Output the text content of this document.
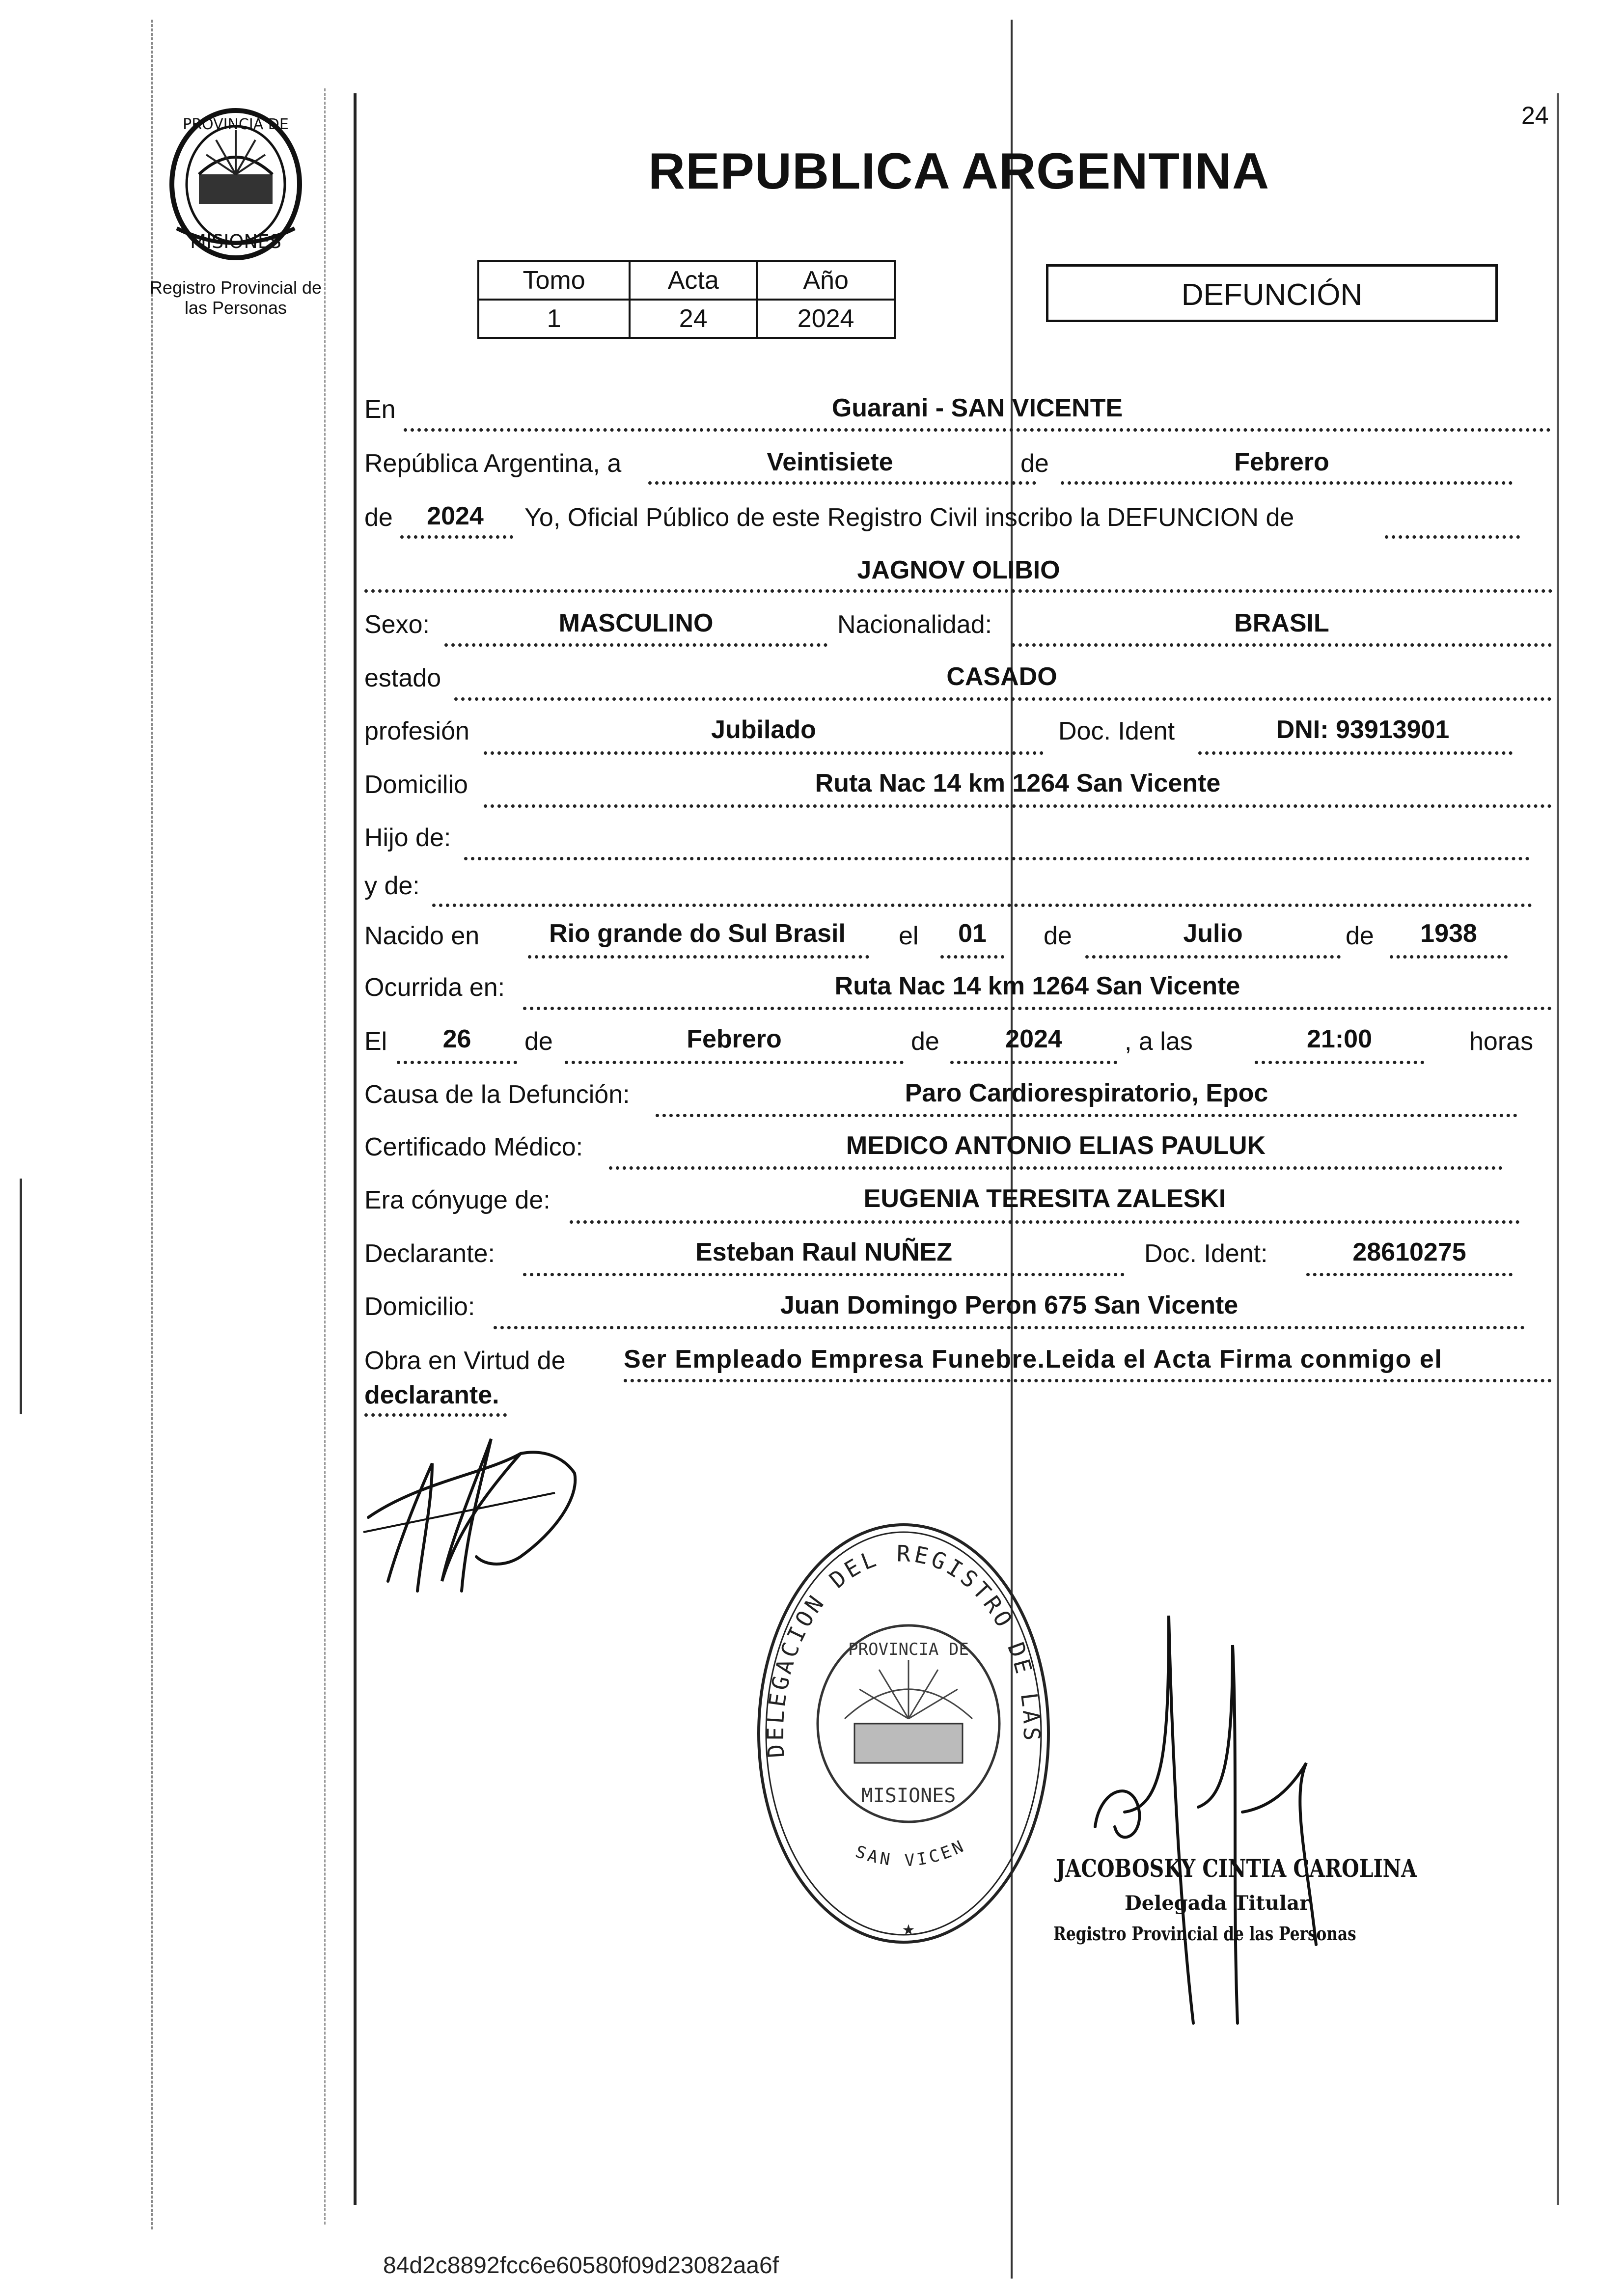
24
PROVINCIA DE
MISIONES
Registro Provincial de las Personas
REPUBLICA ARGENTINA
Tomo	Acta	Año
1	24	2024
DEFUNCIÓN
En	Guarani - SAN VICENTE
República Argentina, a	Veintisiete	de	Febrero
de	2024	Yo, Oficial Público de este Registro Civil inscribo la DEFUNCION de
JAGNOV OLIBIO
Sexo:	MASCULINO	Nacionalidad:	BRASIL
estado	CASADO
profesión	Jubilado	Doc. Ident	DNI: 93913901
Domicilio	Ruta Nac 14 km 1264 San Vicente
Hijo de:
y de:
Nacido en	Rio grande do Sul Brasil	el	01	de	Julio	de	1938
Ocurrida en:	Ruta Nac 14 km 1264 San Vicente
El	26	de	Febrero	de	2024	, a las	21:00	horas
Causa de la Defunción:	Paro Cardiorespiratorio, Epoc
Certificado Médico:	MEDICO ANTONIO ELIAS PAULUK
Era cónyuge de:	EUGENIA TERESITA ZALESKI
Declarante:	Esteban Raul NUÑEZ	Doc. Ident:	28610275
Domicilio:	Juan Domingo Peron 675 San Vicente
Obra en Virtud de Ser Empleado Empresa Funebre.Leida el Acta Firma conmigo el
declarante.
DELEGACION DEL REGISTRO DE LAS
PROVINCIA DE
MISIONES
SAN VICEN
★
JACOBOSKY CINTIA CAROLINA
Delegada Titular
Registro Provincial de las Personas
84d2c8892fcc6e60580f09d23082aa6f
